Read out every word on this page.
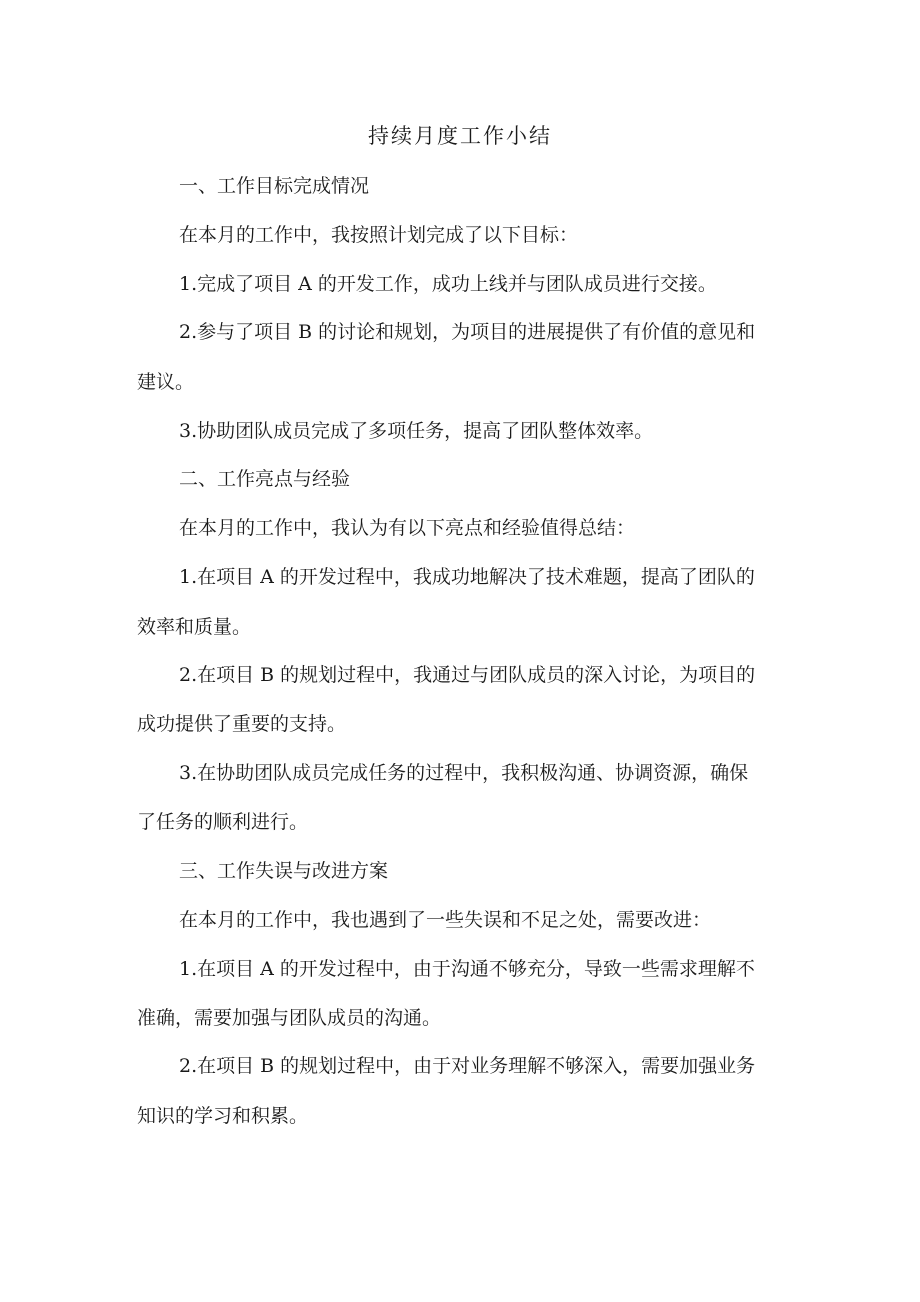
持续月度工作小结
一、工作目标完成情况
在本月的工作中，我按照计划完成了以下目标：
1.完成了项目 A 的开发工作，成功上线并与团队成员进行交接。
2.参与了项目 B 的讨论和规划，为项目的进展提供了有价值的意见和
建议。
3.协助团队成员完成了多项任务，提高了团队整体效率。
二、工作亮点与经验
在本月的工作中，我认为有以下亮点和经验值得总结：
1.在项目 A 的开发过程中，我成功地解决了技术难题，提高了团队的
效率和质量。
2.在项目 B 的规划过程中，我通过与团队成员的深入讨论，为项目的
成功提供了重要的支持。
3.在协助团队成员完成任务的过程中，我积极沟通、协调资源，确保
了任务的顺利进行。
三、工作失误与改进方案
在本月的工作中，我也遇到了一些失误和不足之处，需要改进：
1.在项目 A 的开发过程中，由于沟通不够充分，导致一些需求理解不
准确，需要加强与团队成员的沟通。
2.在项目 B 的规划过程中，由于对业务理解不够深入，需要加强业务
知识的学习和积累。
